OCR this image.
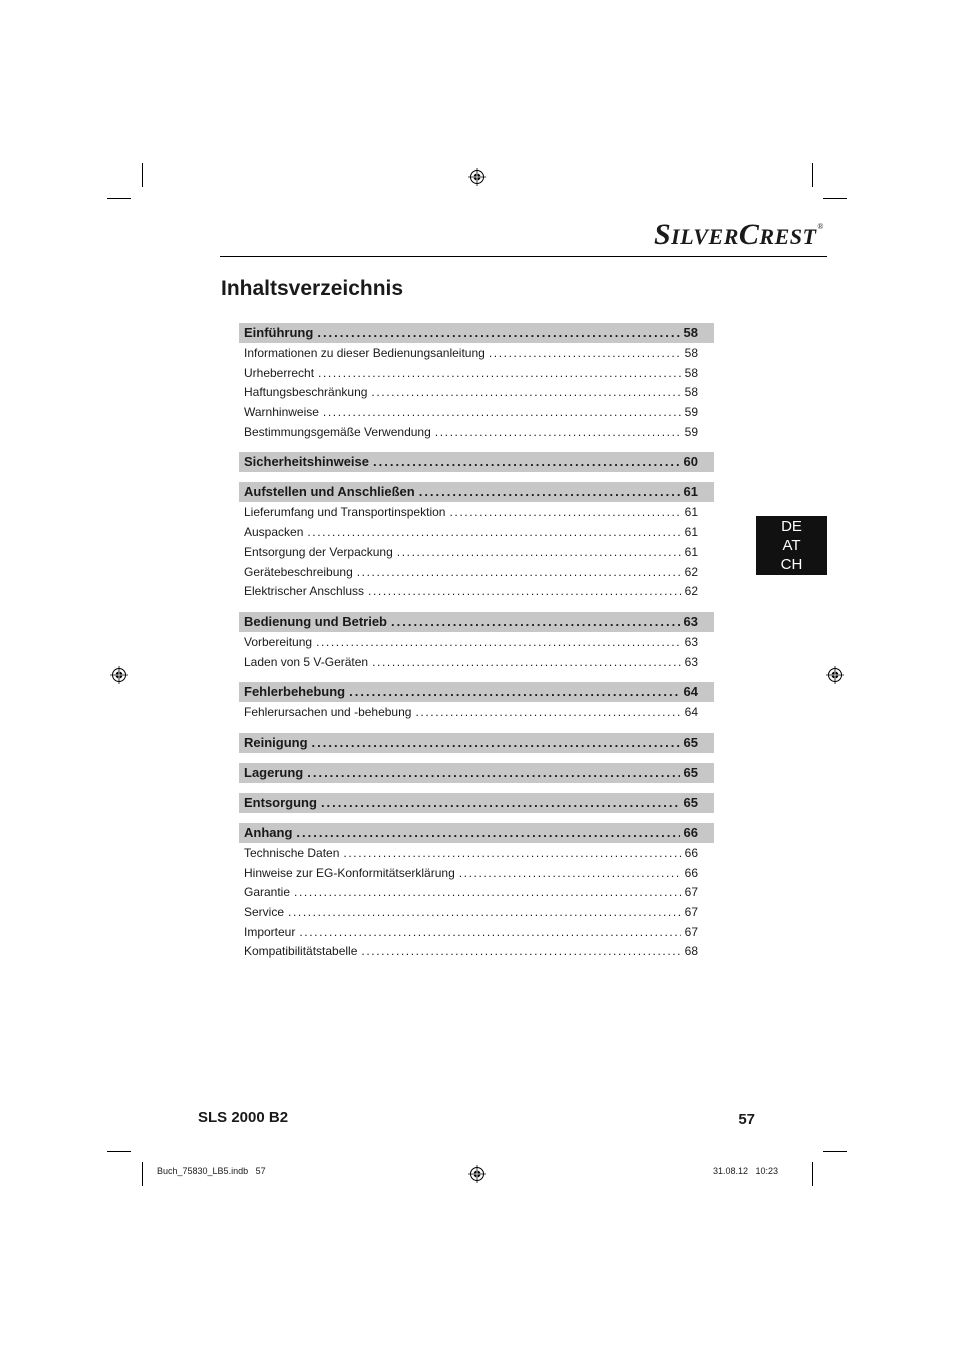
SILVERCREST®
Inhaltsverzeichnis
Einführung .....	58
Informationen zu dieser Bedienungsanleitung .....	58
Urheberrecht .....	58
Haftungsbeschränkung .....	58
Warnhinweise .....	59
Bestimmungsgemäße Verwendung .....	59
Sicherheitshinweise .....	60
Aufstellen und Anschließen .....	61
Lieferumfang und Transportinspektion .....	61
Auspacken .....	61
Entsorgung der Verpackung .....	61
Gerätebeschreibung .....	62
Elektrischer Anschluss .....	62
Bedienung und Betrieb .....	63
Vorbereitung .....	63
Laden von 5 V-Geräten .....	63
Fehlerbehebung .....	64
Fehlerursachen und -behebung .....	64
Reinigung .....	65
Lagerung .....	65
Entsorgung .....	65
Anhang .....	66
Technische Daten .....	66
Hinweise zur EG-Konformitätserklärung .....	66
Garantie .....	67
Service .....	67
Importeur .....	67
Kompatibilitätstabelle .....	68
DE
AT
CH
SLS 2000 B2	57
Buch_75830_LB5.indb   57	31.08.12   10:23
